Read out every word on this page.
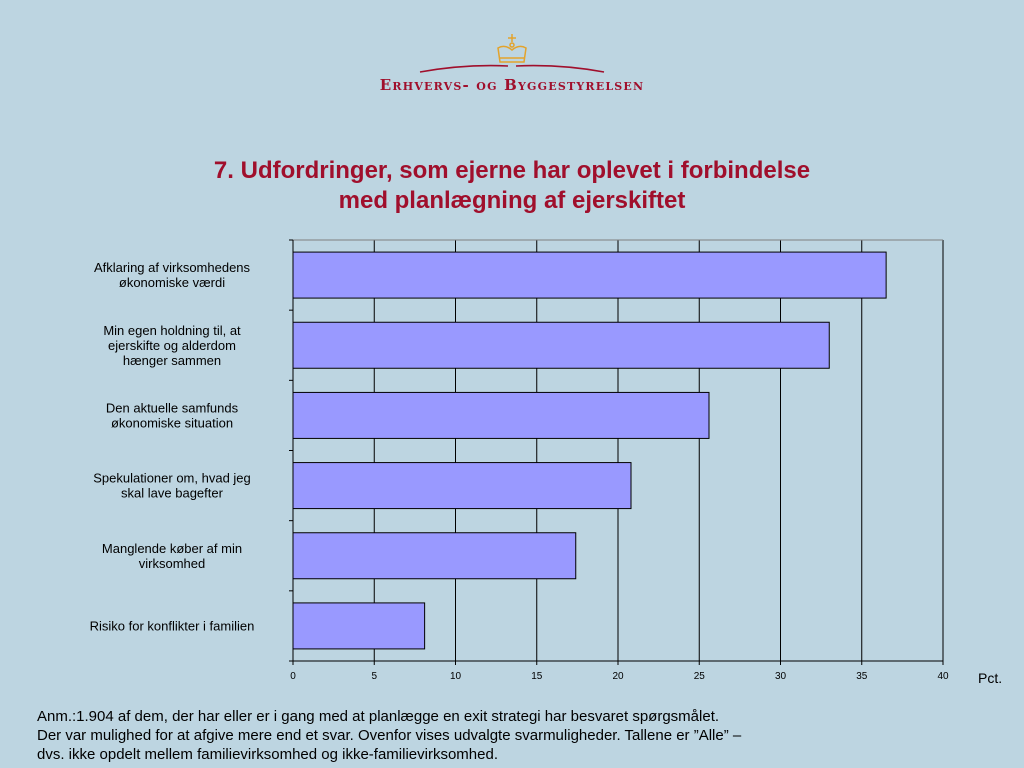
Erhvervs- og Byggestyrelsen
7. Udfordringer, som ejerne har oplevet i forbindelse
med planlægning af ejerskiftet
0	5	10	15	20	25	30	35	40
Afklaring af virksomhedens
økonomiske værdi
Min egen holdning til, at
ejerskifte og alderdom
hænger sammen
Den aktuelle samfunds
økonomiske situation
Spekulationer om, hvad jeg
skal lave bagefter
Manglende køber af min
virksomhed
Risiko for konflikter i familien
Pct.
Anm.:1.904 af dem, der har eller er i gang med at planlægge en exit strategi har besvaret spørgsmålet.
Der var mulighed for at afgive mere end et svar. Ovenfor vises udvalgte svarmuligheder. Tallene er ”Alle” –
dvs. ikke opdelt mellem familievirksomhed og ikke-familievirksomhed.
